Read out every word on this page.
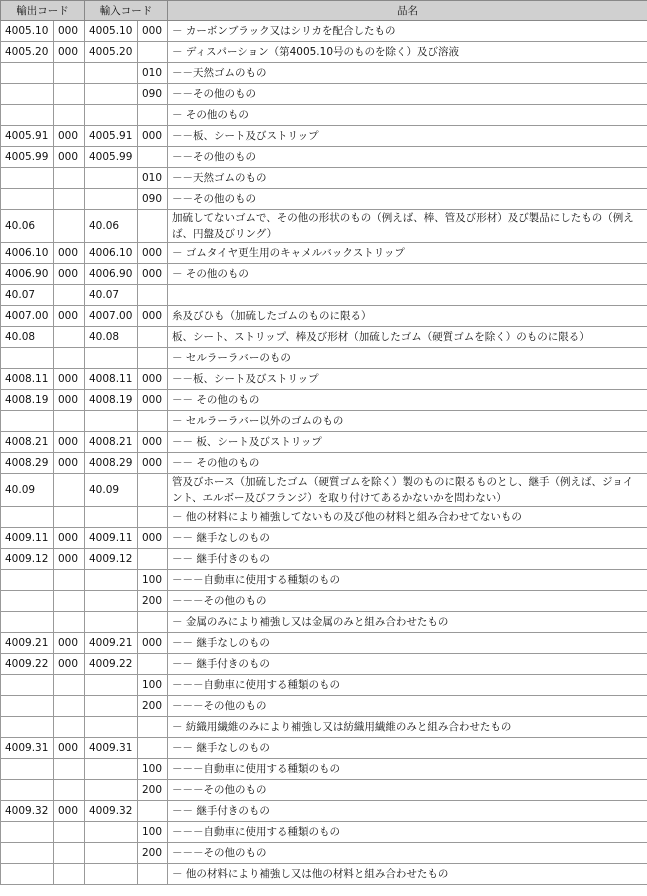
輸出コード		輸入コード		品名
4005.10	000	4005.10	000	－ カーボンブラック又はシリカを配合したもの
4005.20	000	4005.20		－ ディスパーション（第4005.10号のものを除く）及び溶液
			010	－－天然ゴムのもの
			090	－－その他のもの
				－ その他のもの
4005.91	000	4005.91	000	－－板、シート及びストリップ
4005.99	000	4005.99		－－その他のもの
			010	－－天然ゴムのもの
			090	－－その他のもの
40.06		40.06		加硫してないゴムで、その他の形状のもの（例えば、棒、管及び形材）及び製品にしたもの（例えば、円盤及びリング）
4006.10	000	4006.10	000	－ ゴムタイヤ更生用のキャメルバックストリップ
4006.90	000	4006.90	000	－ その他のもの
40.07		40.07		
4007.00	000	4007.00	000	糸及びひも（加硫したゴムのものに限る）
40.08		40.08		板、シート、ストリップ、棒及び形材（加硫したゴム（硬質ゴムを除く）のものに限る）
				－ セルラーラバーのもの
4008.11	000	4008.11	000	－－板、シート及びストリップ
4008.19	000	4008.19	000	－－ その他のもの
				－ セルラーラバー以外のゴムのもの
4008.21	000	4008.21	000	－－ 板、シート及びストリップ
4008.29	000	4008.29	000	－－ その他のもの
40.09		40.09		管及びホース（加硫したゴム（硬質ゴムを除く）製のものに限るものとし、継手（例えば、ジョイント、エルボー及びフランジ）を取り付けてあるかないかを問わない）
				－ 他の材料により補強してないもの及び他の材料と組み合わせてないもの
4009.11	000	4009.11	000	－－ 継手なしのもの
4009.12	000	4009.12		－－ 継手付きのもの
			100	－－－自動車に使用する種類のもの
			200	－－－その他のもの
				－ 金属のみにより補強し又は金属のみと組み合わせたもの
4009.21	000	4009.21	000	－－ 継手なしのもの
4009.22	000	4009.22		－－ 継手付きのもの
			100	－－－自動車に使用する種類のもの
			200	－－－その他のもの
				－ 紡織用繊維のみにより補強し又は紡織用繊維のみと組み合わせたもの
4009.31	000	4009.31		－－ 継手なしのもの
			100	－－－自動車に使用する種類のもの
			200	－－－その他のもの
4009.32	000	4009.32		－－ 継手付きのもの
			100	－－－自動車に使用する種類のもの
			200	－－－その他のもの
				－ 他の材料により補強し又は他の材料と組み合わせたもの
